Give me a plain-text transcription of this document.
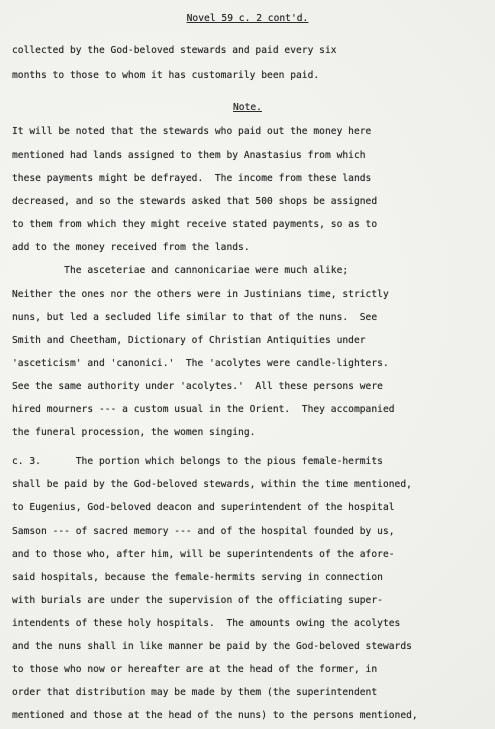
Novel 59 c. 2 cont'd.
collected by the God-beloved stewards and paid every six
months to those to whom it has customarily been paid.
Note.
It will be noted that the stewards who paid out the money here
mentioned had lands assigned to them by Anastasius from which
these payments might be defrayed.  The income from these lands
decreased, and so the stewards asked that 500 shops be assigned
to them from which they might receive stated payments, so as to
add to the money received from the lands.
The asceteriae and cannonicariae were much alike;
Neither the ones nor the others were in Justinians time, strictly
nuns, but led a secluded life similar to that of the nuns.  See
Smith and Cheetham, Dictionary of Christian Antiquities under
'asceticism' and 'canonici.'  The 'acolytes were candle-lighters.
See the same authority under 'acolytes.'  All these persons were
hired mourners --- a custom usual in the Orient.  They accompanied
the funeral procession, the women singing.
c. 3.      The portion which belongs to the pious female-hermits
shall be paid by the God-beloved stewards, within the time mentioned,
to Eugenius, God-beloved deacon and superintendent of the hospital
Samson --- of sacred memory --- and of the hospital founded by us,
and to those who, after him, will be superintendents of the afore-
said hospitals, because the female-hermits serving in connection
with burials are under the supervision of the officiating super-
intendents of these holy hospitals.  The amounts owing the acolytes
and the nuns shall in like manner be paid by the God-beloved stewards
to those who now or hereafter are at the head of the former, in
order that distribution may be made by them (the superintendent
mentioned and those at the head of the nuns) to the persons mentioned,
